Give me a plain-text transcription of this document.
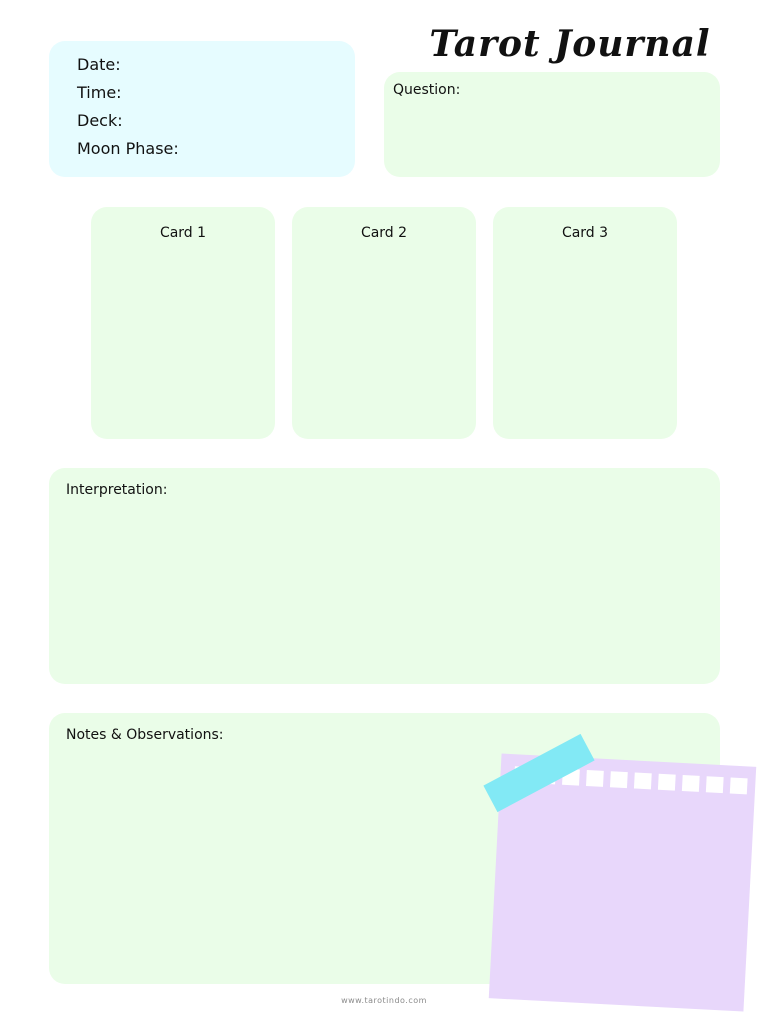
Tarot Journal
Date:
Time:
Deck:
Moon Phase:
Question:
Card 1	Card 2	Card 3
Interpretation:
Notes & Observations:
www.tarotindo.com
